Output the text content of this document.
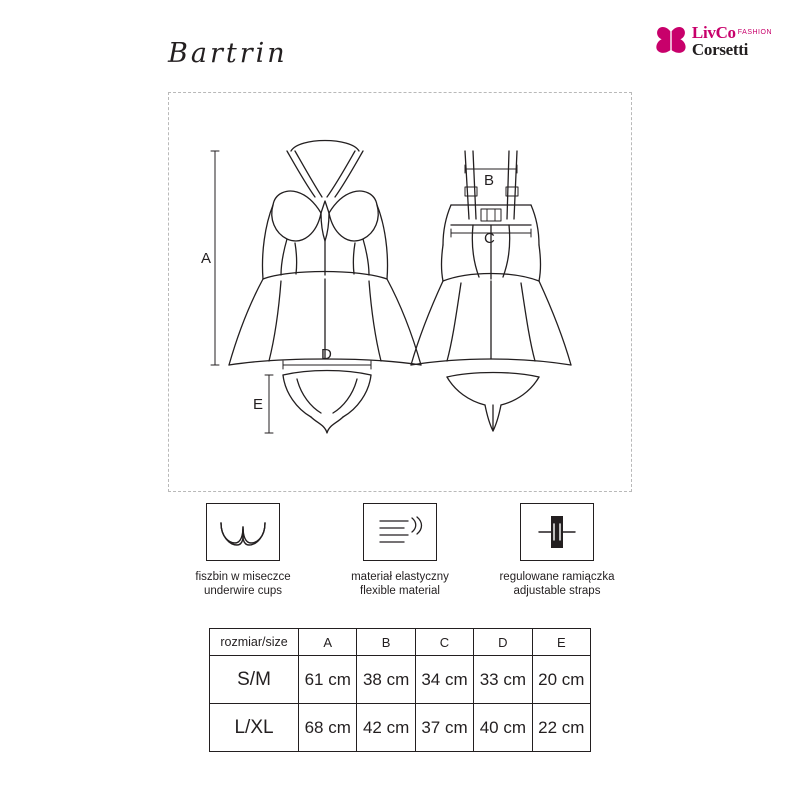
LivCo $^{FASHION}$
Corsetti
Bartrin
A
B
C
D
E
fiszbin w miseczce
underwire cups
materiał elastyczny
flexible material
regulowane ramiączka
adjustable straps
rozmiar/size	A	B	C	D	E
S/M	61 cm	38 cm	34 cm	33 cm	20 cm
L/XL	68 cm	42 cm	37 cm	40 cm	22 cm
